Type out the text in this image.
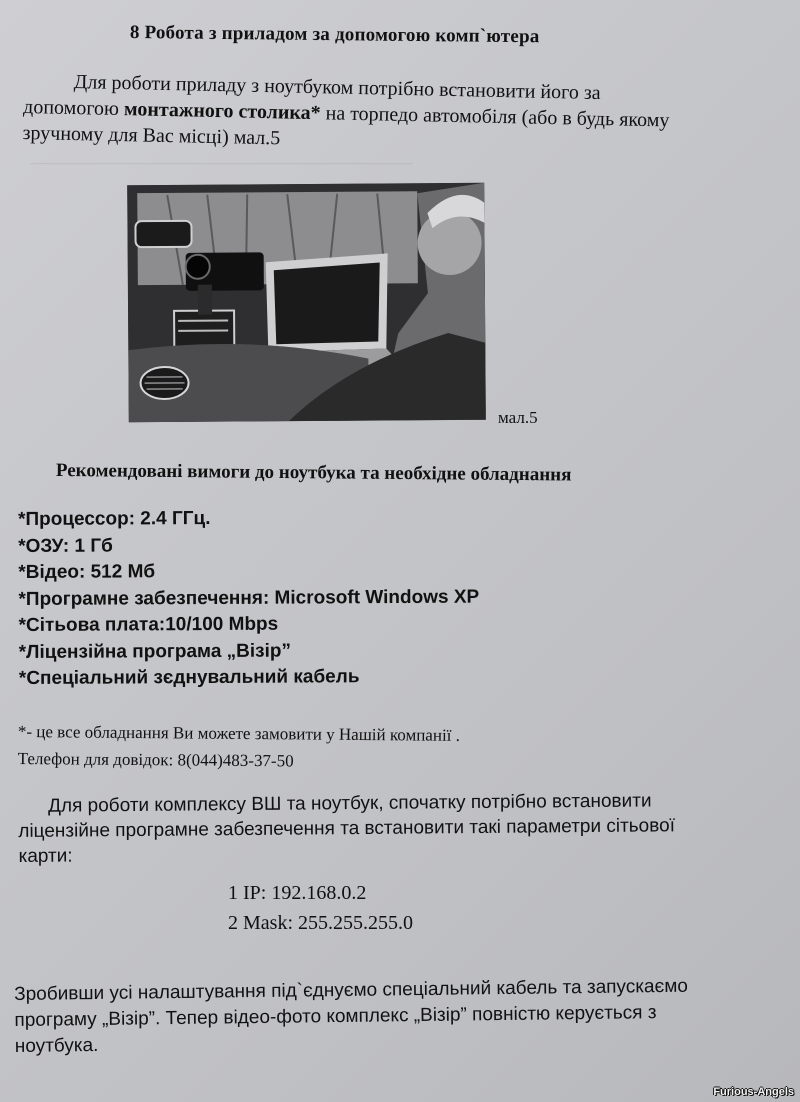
──────────────────────────────
8 Робота з приладом за допомогою комп`ютера
Для роботи приладу з ноутбуком потрібно встановити його за
допомогою монтажного столика* на торпедо автомобіля (або в будь якому
зручному для Вас місці) мал.5
мал.5
Рекомендовані вимоги до ноутбука та необхідне обладнання
*Процессор: 2.4 ГГц.
*ОЗУ: 1 Гб
*Відео: 512 Мб
*Програмне забезпечення: Microsoft Windows XP
*Сітьова плата:10/100 Mbps
*Ліцензійна програма „Візір”
*Спеціальний зєднувальний кабель
*- це все обладнання Ви можете замовити у Нашій компанії .
Телефон для довідок: 8(044)483-37-50
Для роботи комплексу ВШ та ноутбук, спочатку потрібно встановити
ліцензійне програмне забезпечення та встановити такі параметри сітьової
карти:
1 IP: 192.168.0.2
2 Mask: 255.255.255.0
Зробивши усі налаштування під`єднуємо спеціальний кабель та запускаємо
програму „Візір”. Тепер відео-фото комплекс „Візір” повністю керується з
ноутбука.
Furious-Angels
